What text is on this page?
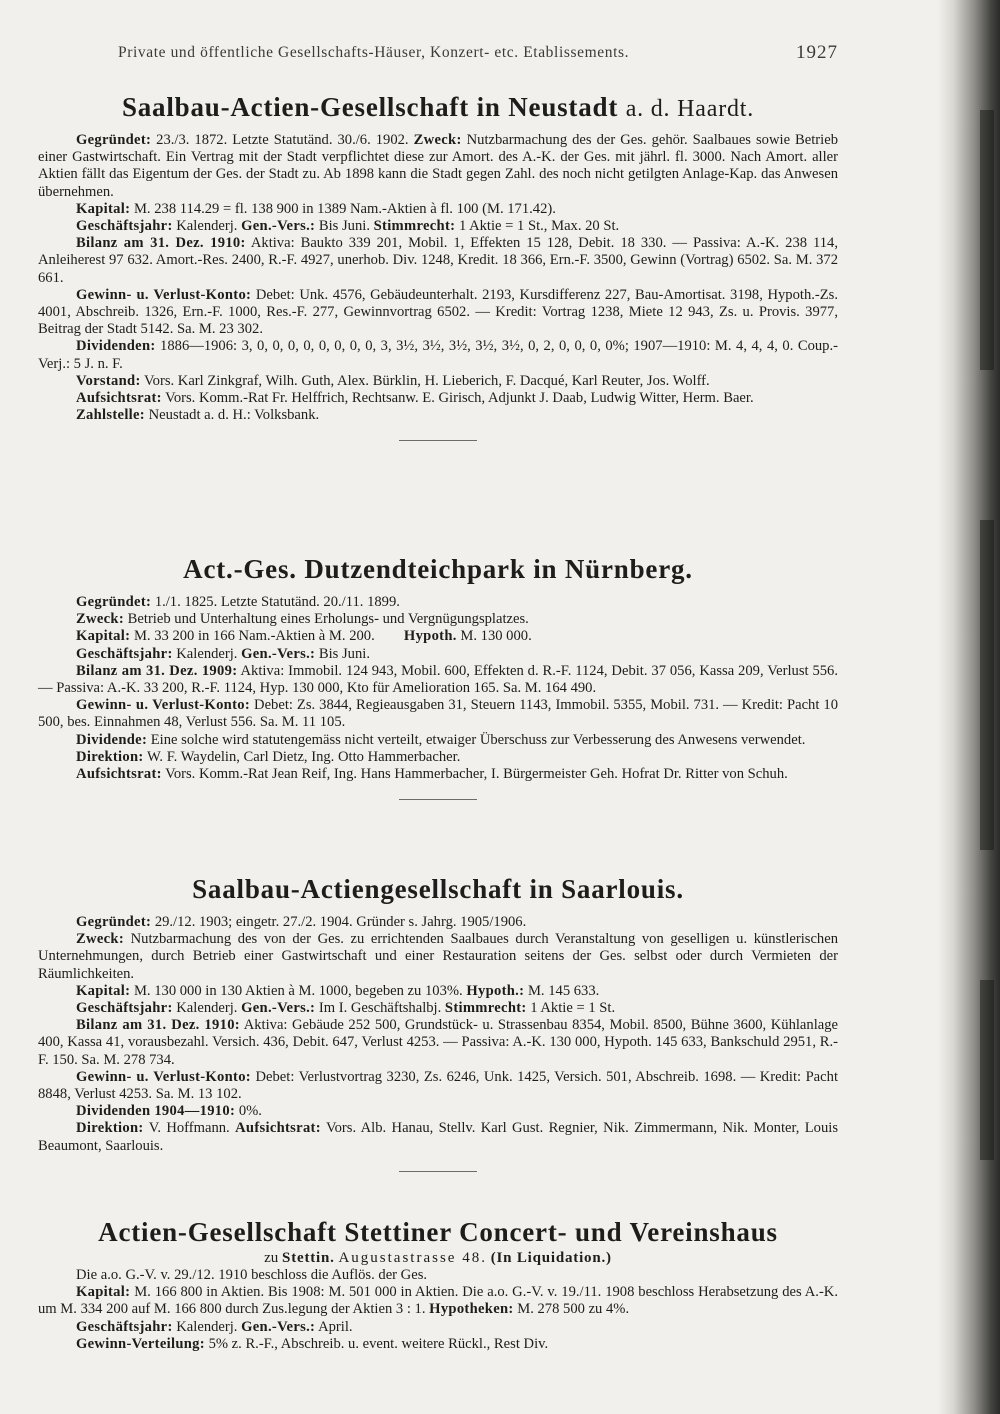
Private und öffentliche Gesellschafts-Häuser, Konzert- etc. Etablissements.	1927
Saalbau-Actien-Gesellschaft in Neustadt a. d. Haardt.

Gegründet: 23./3. 1872. Letzte Statutänd. 30./6. 1902. Zweck: Nutzbarmachung des der Ges. gehör. Saalbaues sowie Betrieb einer Gastwirtschaft. Ein Vertrag mit der Stadt verpflichtet diese zur Amort. des A.-K. der Ges. mit jährl. fl. 3000. Nach Amort. aller Aktien fällt das Eigentum der Ges. der Stadt zu. Ab 1898 kann die Stadt gegen Zahl. des noch nicht getilgten Anlage-Kap. das Anwesen übernehmen.

Kapital: M. 238 114.29 = fl. 138 900 in 1389 Nam.-Aktien à fl. 100 (M. 171.42).

Geschäftsjahr: Kalenderj. Gen.-Vers.: Bis Juni. Stimmrecht: 1 Aktie = 1 St., Max. 20 St.

Bilanz am 31. Dez. 1910: Aktiva: Baukto 339 201, Mobil. 1, Effekten 15 128, Debit. 18 330. — Passiva: A.-K. 238 114, Anleiherest 97 632. Amort.-Res. 2400, R.-F. 4927, unerhob. Div. 1248, Kredit. 18 366, Ern.-F. 3500, Gewinn (Vortrag) 6502. Sa. M. 372 661.

Gewinn- u. Verlust-Konto: Debet: Unk. 4576, Gebäudeunterhalt. 2193, Kursdifferenz 227, Bau-Amortisat. 3198, Hypoth.-Zs. 4001, Abschreib. 1326, Ern.-F. 1000, Res.-F. 277, Gewinnvortrag 6502. — Kredit: Vortrag 1238, Miete 12 943, Zs. u. Provis. 3977, Beitrag der Stadt 5142. Sa. M. 23 302.

Dividenden: 1886—1906: 3, 0, 0, 0, 0, 0, 0, 0, 0, 3, 3½, 3½, 3½, 3½, 3½, 0, 2, 0, 0, 0, 0%; 1907—1910: M. 4, 4, 4, 0. Coup.-Verj.: 5 J. n. F.

Vorstand: Vors. Karl Zinkgraf, Wilh. Guth, Alex. Bürklin, H. Lieberich, F. Dacqué, Karl Reuter, Jos. Wolff.

Aufsichtsrat: Vors. Komm.-Rat Fr. Helffrich, Rechtsanw. E. Girisch, Adjunkt J. Daab, Ludwig Witter, Herm. Baer.

Zahlstelle: Neustadt a. d. H.: Volksbank.

Act.-Ges. Dutzendteichpark in Nürnberg.

Gegründet: 1./1. 1825. Letzte Statutänd. 20./11. 1899.

Zweck: Betrieb und Unterhaltung eines Erholungs- und Vergnügungsplatzes.

Kapital: M. 33 200 in 166 Nam.-Aktien à M. 200. Hypoth. M. 130 000.

Geschäftsjahr: Kalenderj. Gen.-Vers.: Bis Juni.

Bilanz am 31. Dez. 1909: Aktiva: Immobil. 124 943, Mobil. 600, Effekten d. R.-F. 1124, Debit. 37 056, Kassa 209, Verlust 556. — Passiva: A.-K. 33 200, R.-F. 1124, Hyp. 130 000, Kto für Amelioration 165. Sa. M. 164 490.

Gewinn- u. Verlust-Konto: Debet: Zs. 3844, Regieausgaben 31, Steuern 1143, Immobil. 5355, Mobil. 731. — Kredit: Pacht 10 500, bes. Einnahmen 48, Verlust 556. Sa. M. 11 105.

Dividende: Eine solche wird statutengemäss nicht verteilt, etwaiger Überschuss zur Verbesserung des Anwesens verwendet.

Direktion: W. F. Waydelin, Carl Dietz, Ing. Otto Hammerbacher.

Aufsichtsrat: Vors. Komm.-Rat Jean Reif, Ing. Hans Hammerbacher, I. Bürgermeister Geh. Hofrat Dr. Ritter von Schuh.

Saalbau-Actiengesellschaft in Saarlouis.

Gegründet: 29./12. 1903; eingetr. 27./2. 1904. Gründer s. Jahrg. 1905/1906.

Zweck: Nutzbarmachung des von der Ges. zu errichtenden Saalbaues durch Veranstaltung von geselligen u. künstlerischen Unternehmungen, durch Betrieb einer Gastwirtschaft und einer Restauration seitens der Ges. selbst oder durch Vermieten der Räumlichkeiten.

Kapital: M. 130 000 in 130 Aktien à M. 1000, begeben zu 103%. Hypoth.: M. 145 633.

Geschäftsjahr: Kalenderj. Gen.-Vers.: Im I. Geschäftshalbj. Stimmrecht: 1 Aktie = 1 St.

Bilanz am 31. Dez. 1910: Aktiva: Gebäude 252 500, Grundstück- u. Strassenbau 8354, Mobil. 8500, Bühne 3600, Kühlanlage 400, Kassa 41, vorausbezahl. Versich. 436, Debit. 647, Verlust 4253. — Passiva: A.-K. 130 000, Hypoth. 145 633, Bankschuld 2951, R.-F. 150. Sa. M. 278 734.

Gewinn- u. Verlust-Konto: Debet: Verlustvortrag 3230, Zs. 6246, Unk. 1425, Versich. 501, Abschreib. 1698. — Kredit: Pacht 8848, Verlust 4253. Sa. M. 13 102.

Dividenden 1904—1910: 0%.

Direktion: V. Hoffmann. Aufsichtsrat: Vors. Alb. Hanau, Stellv. Karl Gust. Regnier, Nik. Zimmermann, Nik. Monter, Louis Beaumont, Saarlouis.

Actien-Gesellschaft Stettiner Concert- und Vereinshaus
zu Stettin. Augustastrasse 48. (In Liquidation.)

Die a.o. G.-V. v. 29./12. 1910 beschloss die Auflös. der Ges.

Kapital: M. 166 800 in Aktien. Bis 1908: M. 501 000 in Aktien. Die a.o. G.-V. v. 19./11. 1908 beschloss Herabsetzung des A.-K. um M. 334 200 auf M. 166 800 durch Zus.legung der Aktien 3 : 1. Hypotheken: M. 278 500 zu 4%.

Geschäftsjahr: Kalenderj. Gen.-Vers.: April.

Gewinn-Verteilung: 5% z. R.-F., Abschreib. u. event. weitere Rückl., Rest Div.
